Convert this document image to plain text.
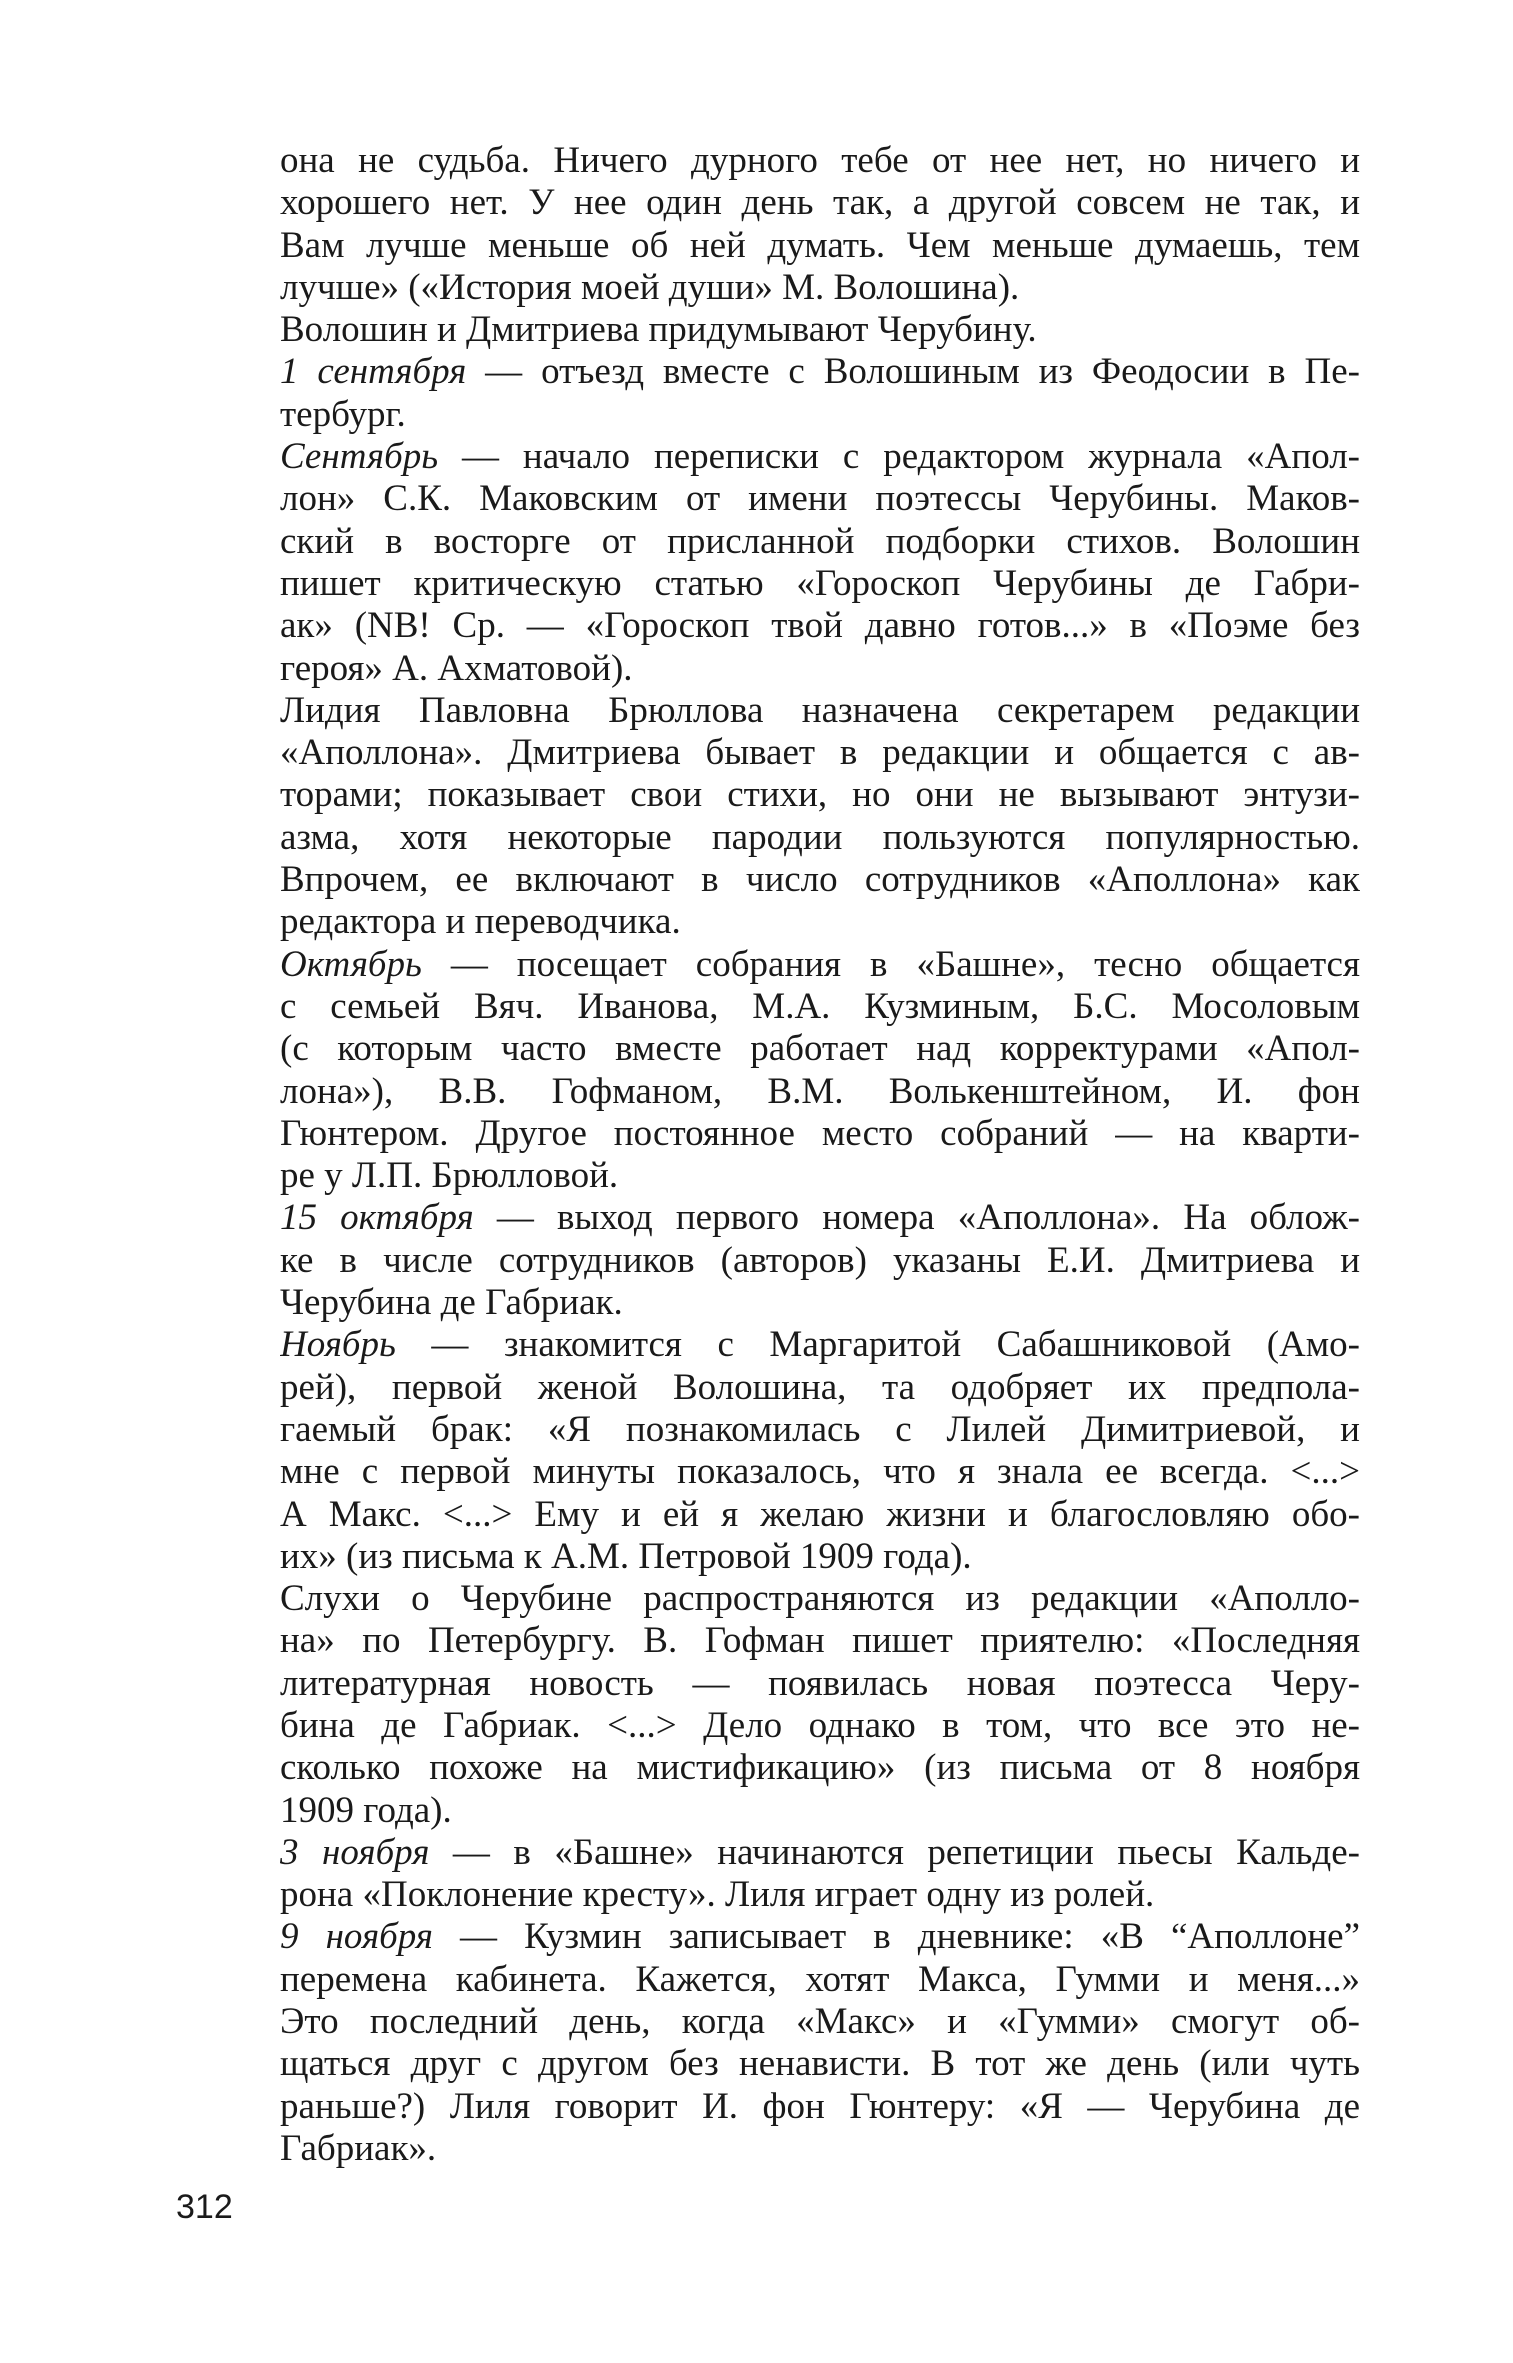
она не судьба. Ничего дурного тебе от нее нет, но ничего и
хорошего нет. У нее один день так, а другой совсем не так, и
Вам лучше меньше об ней думать. Чем меньше думаешь, тем
лучше» («История моей души» М. Волошина).
Волошин и Дмитриева придумывают Черубину.
1 сентября — отъезд вместе с Волошиным из Феодосии в Пе-
тербург.
Сентябрь — начало переписки с редактором журнала «Апол-
лон» С.К. Маковским от имени поэтессы Черубины. Маков-
ский в восторге от присланной подборки стихов. Волошин
пишет критическую статью «Гороскоп Черубины де Габри-
ак» (NB! Ср. — «Гороскоп твой давно готов...» в «Поэме без
героя» А. Ахматовой).
Лидия Павловна Брюллова назначена секретарем редакции
«Аполлона». Дмитриева бывает в редакции и общается с ав-
торами; показывает свои стихи, но они не вызывают энтузи-
азма, хотя некоторые пародии пользуются популярностью.
Впрочем, ее включают в число сотрудников «Аполлона» как
редактора и переводчика.
Октябрь — посещает собрания в «Башне», тесно общается
с семьей Вяч. Иванова, М.А. Кузминым, Б.С. Мосоловым
(с которым часто вместе работает над корректурами «Апол-
лона»), В.В. Гофманом, В.М. Волькенштейном, И. фон
Гюнтером. Другое постоянное место собраний — на кварти-
ре у Л.П. Брюлловой.
15 октября — выход первого номера «Аполлона». На облож-
ке в числе сотрудников (авторов) указаны Е.И. Дмитриева и
Черубина де Габриак.
Ноябрь — знакомится с Маргаритой Сабашниковой (Амо-
рей), первой женой Волошина, та одобряет их предпола-
гаемый брак: «Я познакомилась с Лилей Димитриевой, и
мне с первой минуты показалось, что я знала ее всегда. <...>
А Макс. <...> Ему и ей я желаю жизни и благословляю обо-
их» (из письма к А.М. Петровой 1909 года).
Слухи о Черубине распространяются из редакции «Аполло-
на» по Петербургу. В. Гофман пишет приятелю: «Последняя
литературная новость — появилась новая поэтесса Черу-
бина де Габриак. <...> Дело однако в том, что все это не-
сколько похоже на мистификацию» (из письма от 8 ноября
1909 года).
3 ноября — в «Башне» начинаются репетиции пьесы Кальде-
рона «Поклонение кресту». Лиля играет одну из ролей.
9 ноября — Кузмин записывает в дневнике: «В “Аполлоне”
перемена кабинета. Кажется, хотят Макса, Гумми и меня...»
Это последний день, когда «Макс» и «Гумми» смогут об-
щаться друг с другом без ненависти. В тот же день (или чуть
раньше?) Лиля говорит И. фон Гюнтеру: «Я — Черубина де
Габриак».
312
